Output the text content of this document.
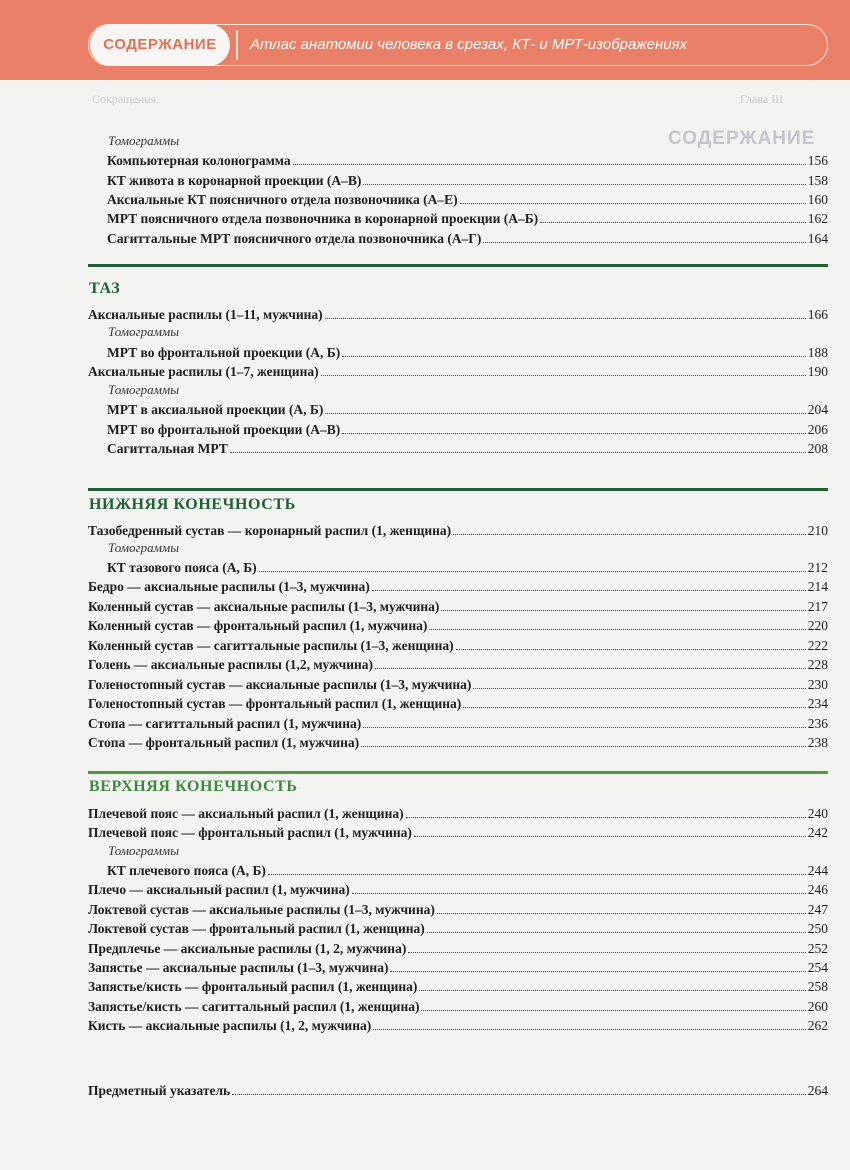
Сокращения	Глава III
СОДЕРЖАНИЕ
СОДЕРЖАНИЕ	Атлас анатомии человека в срезах, КТ- и МРТ-изображениях
Томограммы
Компьютерная колонограмма	156
КТ живота в коронарной проекции (А–В)	158
Аксиальные КТ поясничного отдела позвоночника (А–Е)	160
МРТ поясничного отдела позвоночника в коронарной проекции (А–Б)	162
Сагиттальные МРТ поясничного отдела позвоночника (А–Г)	164
ТАЗ
Аксиальные распилы (1–11, мужчина)	166
Томограммы
МРТ во фронтальной проекции (А, Б)	188
Аксиальные распилы (1–7, женщина)	190
Томограммы
МРТ в аксиальной проекции (А, Б)	204
МРТ во фронтальной проекции (А–В)	206
Сагиттальная МРТ	208
НИЖНЯЯ КОНЕЧНОСТЬ
Тазобедренный сустав — коронарный распил (1, женщина)	210
Томограммы
КТ тазового пояса (А, Б)	212
Бедро — аксиальные распилы (1–3, мужчина)	214
Коленный сустав — аксиальные распилы (1–3, мужчина)	217
Коленный сустав — фронтальный распил (1, мужчина)	220
Коленный сустав — сагиттальные распилы (1–3, женщина)	222
Голень — аксиальные распилы (1,2, мужчина)	228
Голеностопный сустав — аксиальные распилы (1–3, мужчина)	230
Голеностопный сустав — фронтальный распил (1, женщина)	234
Стопа — сагиттальный распил (1, мужчина)	236
Стопа — фронтальный распил (1, мужчина)	238
ВЕРХНЯЯ КОНЕЧНОСТЬ
Плечевой пояс — аксиальный распил (1, женщина)	240
Плечевой пояс — фронтальный распил (1, мужчина)	242
Томограммы
КТ плечевого пояса (А, Б)	244
Плечо — аксиальный распил (1, мужчина)	246
Локтевой сустав — аксиальные распилы (1–3, мужчина)	247
Локтевой сустав — фронтальный распил (1, женщина)	250
Предплечье — аксиальные распилы (1, 2, мужчина)	252
Запястье — аксиальные распилы (1–3, мужчина)	254
Запястье/кисть — фронтальный распил (1, женщина)	258
Запястье/кисть — сагиттальный распил (1, женщина)	260
Кисть — аксиальные распилы (1, 2, мужчина)	262
Предметный указатель	264
